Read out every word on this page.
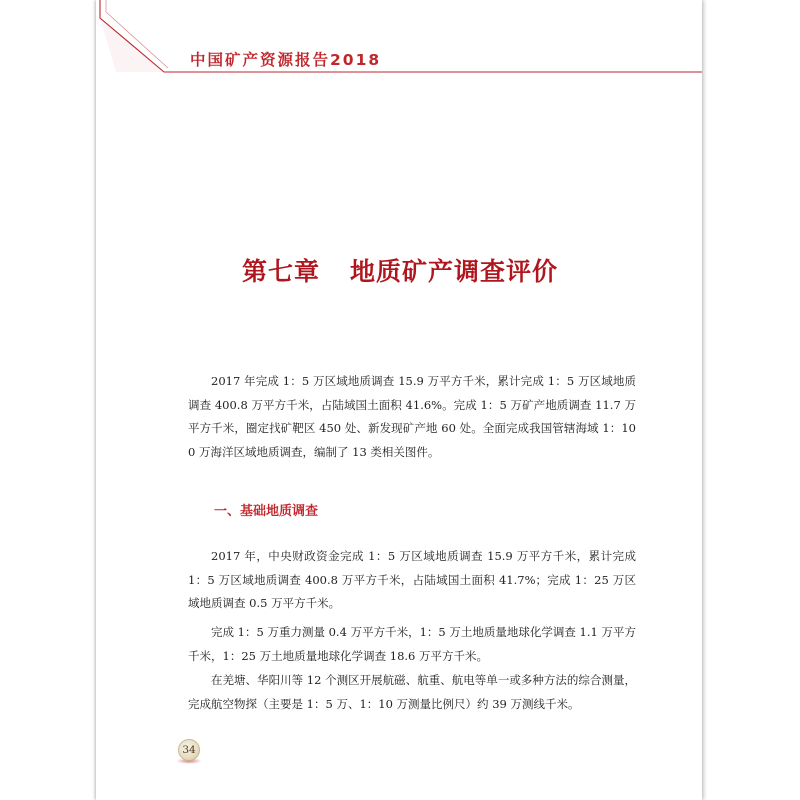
中国矿产资源报告2018
第七章 地质矿产调查评价
2017 年完成 1：5 万区域地质调查 15.9 万平方千米，累计完成 1：5 万区域地质调查 400.8 万平方千米，占陆域国土面积 41.6%。完成 1：5 万矿产地质调查 11.7 万平方千米，圈定找矿靶区 450 处、新发现矿产地 60 处。全面完成我国管辖海域 1：100 万海洋区域地质调查，编制了 13 类相关图件。
一、基础地质调查
2017 年，中央财政资金完成 1：5 万区域地质调查 15.9 万平方千米，累计完成 1：5 万区域地质调查 400.8 万平方千米，占陆域国土面积 41.7%；完成 1：25 万区域地质调查 0.5 万平方千米。
完成 1：5 万重力测量 0.4 万平方千米，1：5 万土地质量地球化学调查 1.1 万平方千米，1：25 万土地质量地球化学调查 18.6 万平方千米。
在羌塘、华阳川等 12 个测区开展航磁、航重、航电等单一或多种方法的综合测量，完成航空物探（主要是 1：5 万、1：10 万测量比例尺）约 39 万测线千米。
34
